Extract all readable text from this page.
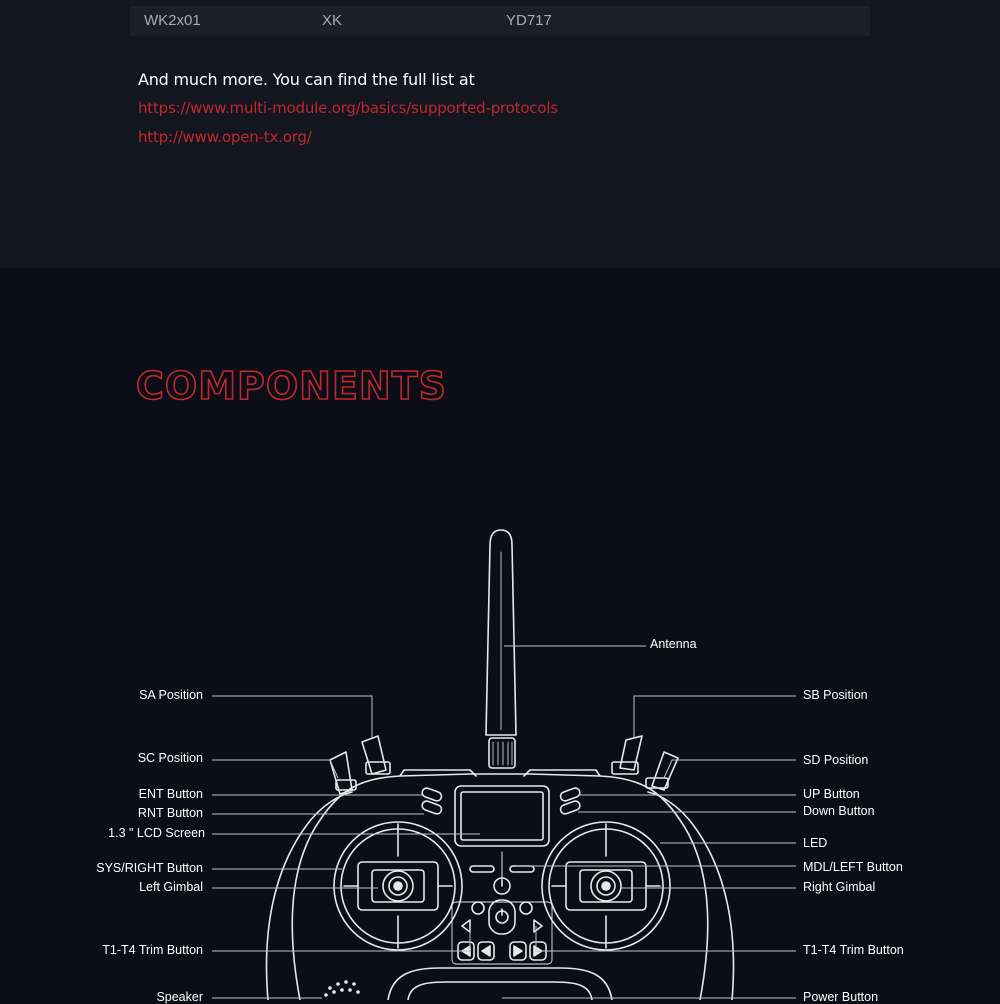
WK2x01	XK	YD717
And much more. You can find the full list at
https://www.multi-module.org/basics/supported-protocols
http://www.open-tx.org/
COMPONENTS
SA Position
SC Position
ENT Button
RNT Button
1.3 " LCD Screen
SYS/RIGHT Button
Left Gimbal
T1-T4 Trim Button
Speaker
Antenna
SB Position
SD Position
UP Button
Down Button
LED
MDL/LEFT Button
Right Gimbal
T1-T4 Trim Button
Power Button
